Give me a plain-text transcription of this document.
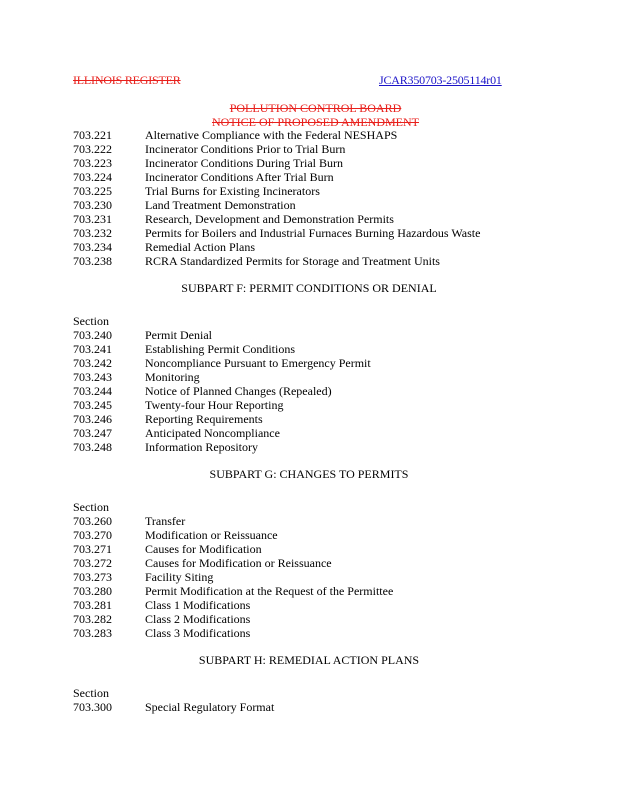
ILLINOIS REGISTER	JCAR350703-2505114r01
POLLUTION CONTROL BOARD
NOTICE OF PROPOSED AMENDMENT
703.221	Alternative Compliance with the Federal NESHAPS
703.222	Incinerator Conditions Prior to Trial Burn
703.223	Incinerator Conditions During Trial Burn
703.224	Incinerator Conditions After Trial Burn
703.225	Trial Burns for Existing Incinerators
703.230	Land Treatment Demonstration
703.231	Research, Development and Demonstration Permits
703.232	Permits for Boilers and Industrial Furnaces Burning Hazardous Waste
703.234	Remedial Action Plans
703.238	RCRA Standardized Permits for Storage and Treatment Units
SUBPART F: PERMIT CONDITIONS OR DENIAL
Section
703.240	Permit Denial
703.241	Establishing Permit Conditions
703.242	Noncompliance Pursuant to Emergency Permit
703.243	Monitoring
703.244	Notice of Planned Changes (Repealed)
703.245	Twenty-four Hour Reporting
703.246	Reporting Requirements
703.247	Anticipated Noncompliance
703.248	Information Repository
SUBPART G: CHANGES TO PERMITS
Section
703.260	Transfer
703.270	Modification or Reissuance
703.271	Causes for Modification
703.272	Causes for Modification or Reissuance
703.273	Facility Siting
703.280	Permit Modification at the Request of the Permittee
703.281	Class 1 Modifications
703.282	Class 2 Modifications
703.283	Class 3 Modifications
SUBPART H: REMEDIAL ACTION PLANS
Section
703.300	Special Regulatory Format
